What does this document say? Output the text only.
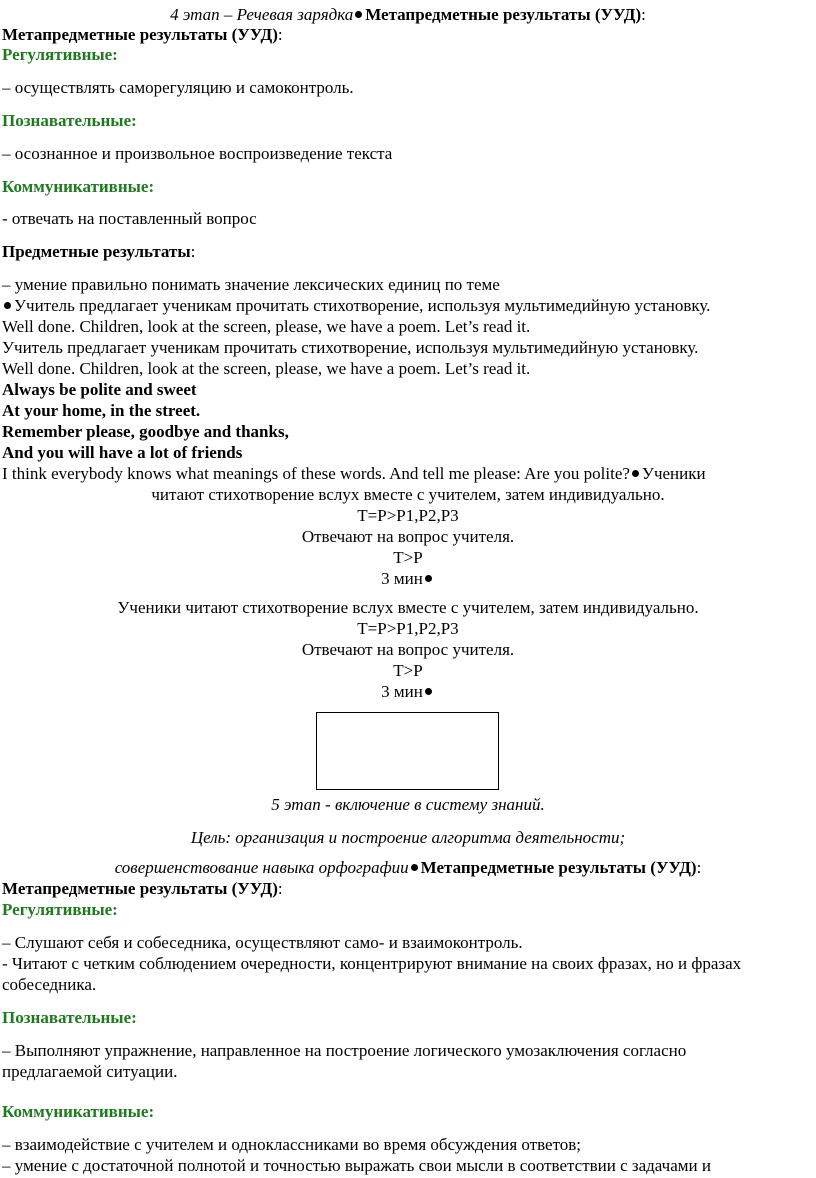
4 этап – Речевая зарядка Метапредметные результаты (УУД):
Метапредметные результаты (УУД):
Регулятивные:
– осуществлять саморегуляцию и самоконтроль.
Познавательные:
– осознанное и произвольное воспроизведение текста
Коммуникативные:
- отвечать на поставленный вопрос
Предметные результаты:
– умение правильно понимать значение лексических единиц по теме
Учитель предлагает ученикам прочитать стихотворение, используя мультимедийную установку.
Well done. Children, look at the screen, please, we have a poem. Let’s read it.
Учитель предлагает ученикам прочитать стихотворение, используя мультимедийную установку.
Well done. Children, look at the screen, please, we have a poem. Let’s read it.
Always be polite and sweet
At your home, in the street.
Remember please, goodbye and thanks,
And you will have a lot of friends
I think everybody knows what meanings of these words. And tell me please: Are you polite? Ученики
читают стихотворение вслух вместе с учителем, затем индивидуально.
T=P>P1,P2,P3
Отвечают на вопрос учителя.
T>P
3 мин
Ученики читают стихотворение вслух вместе с учителем, затем индивидуально.
T=P>P1,P2,P3
Отвечают на вопрос учителя.
T>P
3 мин
5 этап - включение в систему знаний.
Цель: организация и построение алгоритма деятельности;
совершенствование навыка орфографии Метапредметные результаты (УУД):
Метапредметные результаты (УУД):
Регулятивные:
– Слушают себя и собеседника, осуществляют само- и взаимоконтроль.
- Читают с четким соблюдением очередности, концентрируют внимание на своих фразах, но и фразах
собеседника.
Познавательные:
– Выполняют упражнение, направленное на построение логического умозаключения согласно
предлагаемой ситуации.
Коммуникативные:
– взаимодействие с учителем и одноклассниками во время обсуждения ответов;
– умение с достаточной полнотой и точностью выражать свои мысли в соответствии с задачами и
